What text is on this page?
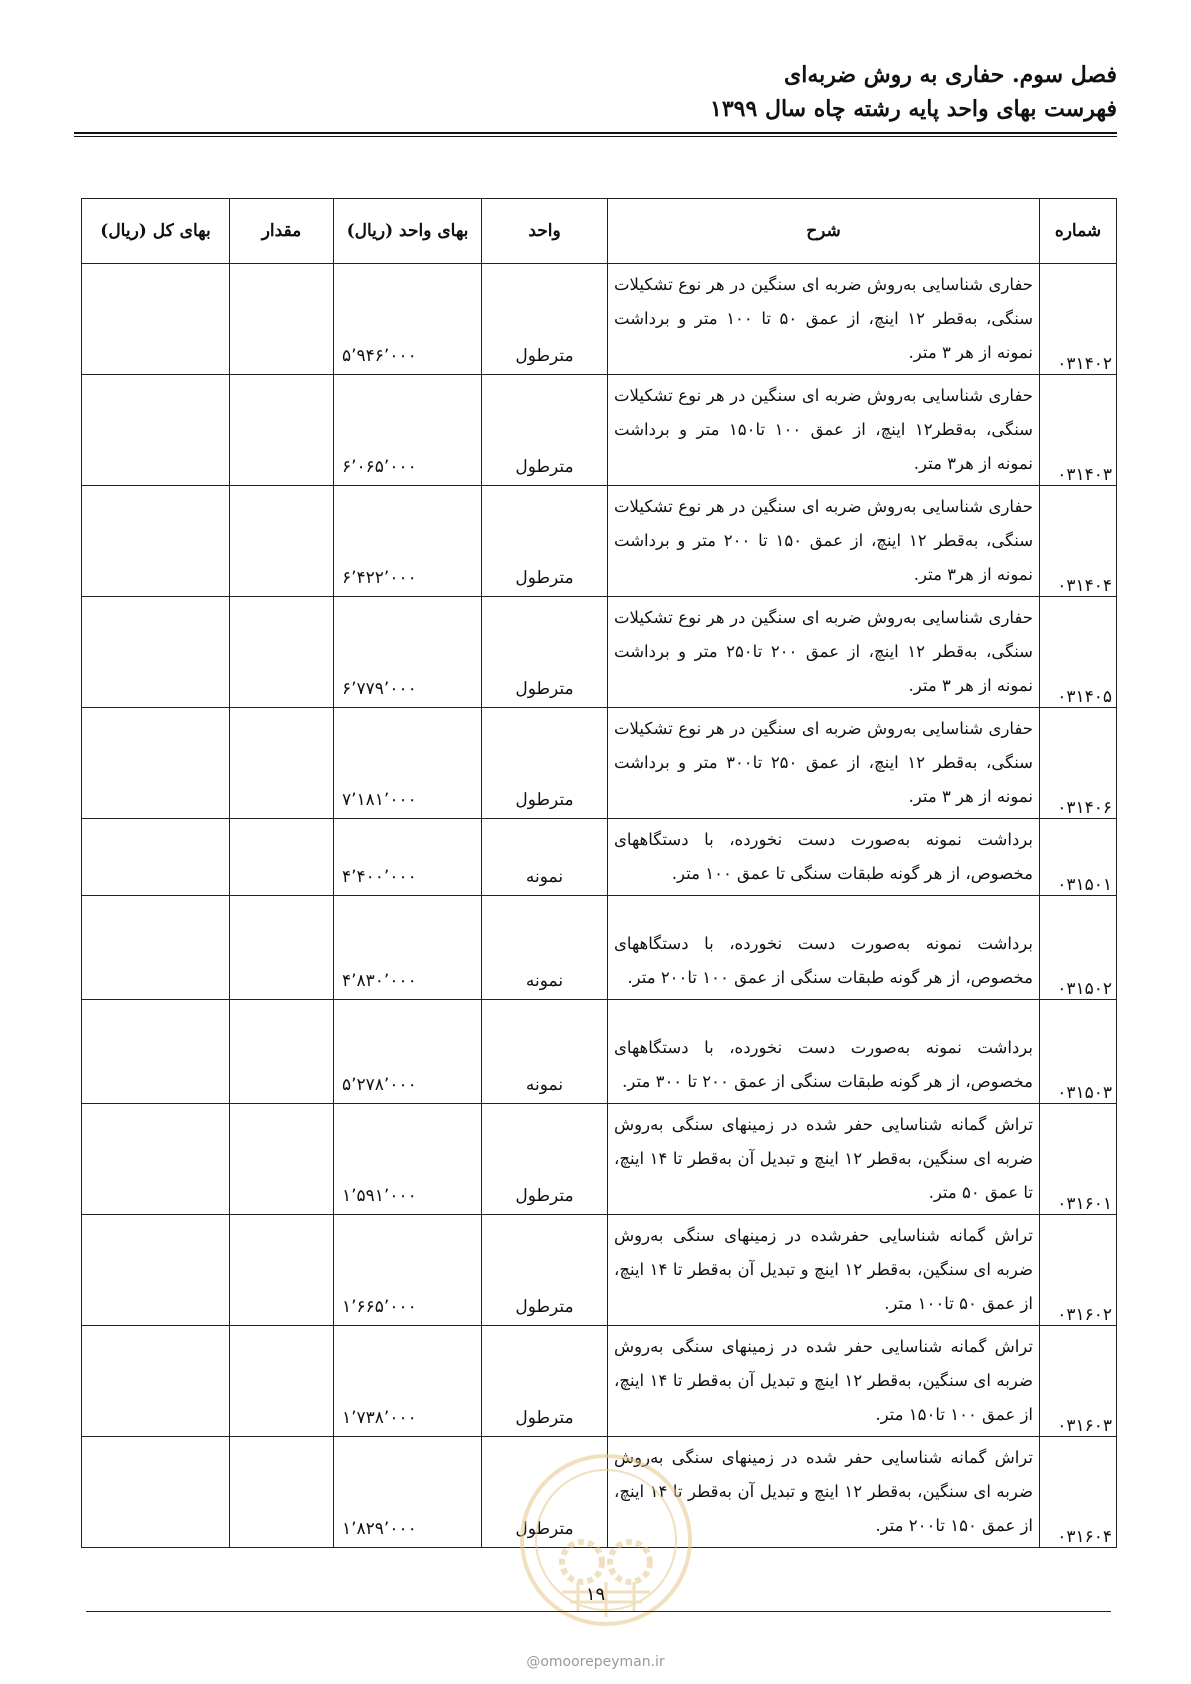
فصل سوم. حفاری به روش ضربه‌ای
فهرست بهای واحد پایه رشته چاه سال ۱۳۹۹
شماره	شرح	واحد	بهای واحد (ریال)	مقدار	بهای کل (ریال)
۰۳۱۴۰۲	حفاری شناسایی به‌روش ضربه ای سنگین در هر نوع تشکیلات سنگی، به‌قطر ۱۲ اینچ، از عمق ۵۰ تا ۱۰۰ متر و برداشت نمونه از هر ۳ متر.	مترطول	۵٬۹۴۶٬۰۰۰		
۰۳۱۴۰۳	حفاری شناسایی به‌روش ضربه ای سنگین در هر نوع تشکیلات سنگی، به‌قطر۱۲ اینچ، از عمق ۱۰۰ تا۱۵۰ متر و برداشت نمونه از هر۳ متر.	مترطول	۶٬۰۶۵٬۰۰۰		
۰۳۱۴۰۴	حفاری شناسایی به‌روش ضربه ای سنگین در هر نوع تشکیلات سنگی، به‌قطر ۱۲ اینچ، از عمق ۱۵۰ تا ۲۰۰ متر و برداشت نمونه از هر۳ متر.	مترطول	۶٬۴۲۲٬۰۰۰		
۰۳۱۴۰۵	حفاری شناسایی به‌روش ضربه ای سنگین در هر نوع تشکیلات سنگی، به‌قطر ۱۲ اینچ، از عمق ۲۰۰ تا۲۵۰ متر و برداشت نمونه از هر ۳ متر.	مترطول	۶٬۷۷۹٬۰۰۰		
۰۳۱۴۰۶	حفاری شناسایی به‌روش ضربه ای سنگین در هر نوع تشکیلات سنگی، به‌قطر ۱۲ اینچ، از عمق ۲۵۰ تا۳۰۰ متر و برداشت نمونه از هر ۳ متر.	مترطول	۷٬۱۸۱٬۰۰۰		
۰۳۱۵۰۱	برداشت نمونه به‌صورت دست نخورده، با دستگاههای مخصوص، از هر گونه طبقات سنگی تا عمق ۱۰۰ متر.	نمونه	۴٬۴۰۰٬۰۰۰		
۰۳۱۵۰۲	برداشت نمونه به‌صورت دست نخورده، با دستگاههای مخصوص، از هر گونه طبقات سنگی از عمق ۱۰۰ تا۲۰۰ متر.	نمونه	۴٬۸۳۰٬۰۰۰		
۰۳۱۵۰۳	برداشت نمونه به‌صورت دست نخورده، با دستگاههای مخصوص، از هر گونه طبقات سنگی از عمق ۲۰۰ تا ۳۰۰ متر.	نمونه	۵٬۲۷۸٬۰۰۰		
۰۳۱۶۰۱	تراش گمانه شناسایی حفر شده در زمینهای سنگی به‌روش ضربه ای سنگین، به‌قطر ۱۲ اینچ و تبدیل آن به‌قطر تا ۱۴ اینچ، تا عمق ۵۰ متر.	مترطول	۱٬۵۹۱٬۰۰۰		
۰۳۱۶۰۲	تراش گمانه شناسایی حفرشده در زمینهای سنگی به‌روش ضربه ای سنگین، به‌قطر ۱۲ اینچ و تبدیل آن به‌قطر تا ۱۴ اینچ، از عمق ۵۰ تا۱۰۰ متر.	مترطول	۱٬۶۶۵٬۰۰۰		
۰۳۱۶۰۳	تراش گمانه شناسایی حفر شده در زمینهای سنگی به‌روش ضربه ای سنگین، به‌قطر ۱۲ اینچ و تبدیل آن به‌قطر تا ۱۴ اینچ، از عمق ۱۰۰ تا۱۵۰ متر.	مترطول	۱٬۷۳۸٬۰۰۰		
۰۳۱۶۰۴	تراش گمانه شناسایی حفر شده در زمینهای سنگی به‌روش ضربه ای سنگین، به‌قطر ۱۲ اینچ و تبدیل آن به‌قطر تا ۱۴ اینچ، از عمق ۱۵۰ تا۲۰۰ متر.	مترطول	۱٬۸۲۹٬۰۰۰		
۱۹
@omoorepeyman.ir
